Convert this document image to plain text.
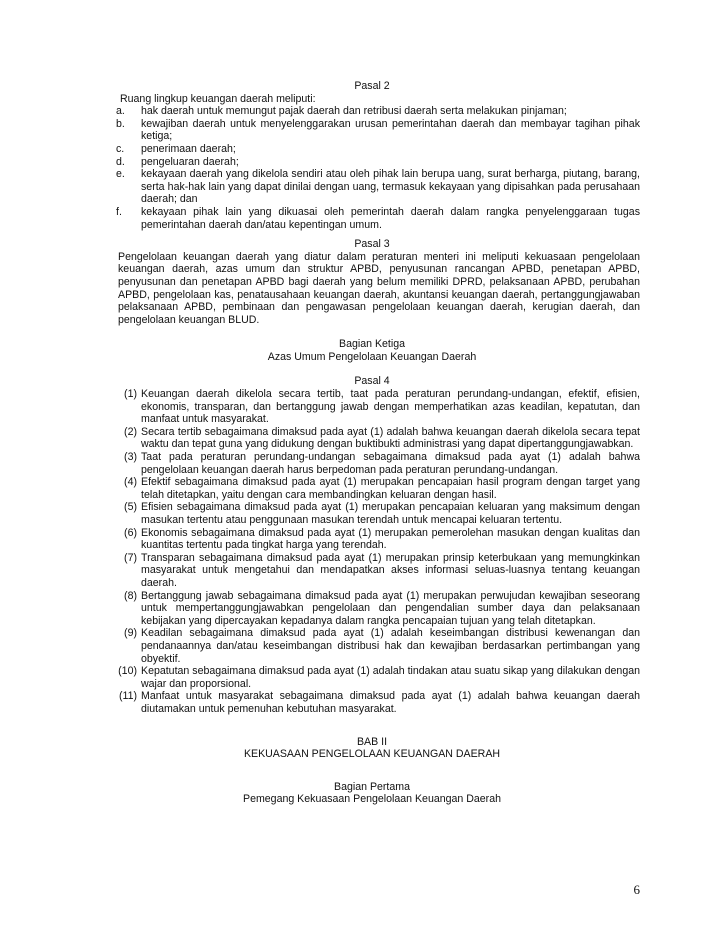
Pasal 2

Ruang lingkup keuangan daerah meliputi:

a. hak daerah untuk memungut pajak daerah dan retribusi daerah serta melakukan pinjaman;
b. kewajiban daerah untuk menyelenggarakan urusan pemerintahan daerah dan membayar tagihan pihak ketiga;
c. penerimaan daerah;
d. pengeluaran daerah;
e. kekayaan daerah yang dikelola sendiri atau oleh pihak lain berupa uang, surat berharga, piutang, barang, serta hak-hak lain yang dapat dinilai dengan uang, termasuk kekayaan yang dipisahkan pada perusahaan daerah; dan
f. kekayaan pihak lain yang dikuasai oleh pemerintah daerah dalam rangka penyelenggaraan tugas pemerintahan daerah dan/atau kepentingan umum.

Pasal 3

Pengelolaan keuangan daerah yang diatur dalam peraturan menteri ini meliputi kekuasaan pengelolaan keuangan daerah, azas umum dan struktur APBD, penyusunan rancangan APBD, penetapan APBD, penyusunan dan penetapan APBD bagi daerah yang belum memiliki DPRD, pelaksanaan APBD, perubahan APBD, pengelolaan kas, penatausahaan keuangan daerah, akuntansi keuangan daerah, pertanggungjawaban pelaksanaan APBD, pembinaan dan pengawasan pengelolaan keuangan daerah, kerugian daerah, dan pengelolaan keuangan BLUD.

Bagian Ketiga

Azas Umum Pengelolaan Keuangan Daerah

Pasal 4

(1) Keuangan daerah dikelola secara tertib, taat pada peraturan perundang-undangan, efektif, efisien, ekonomis, transparan, dan bertanggung jawab dengan memperhatikan azas keadilan, kepatutan, dan manfaat untuk masyarakat.
(2) Secara tertib sebagaimana dimaksud pada ayat (1) adalah bahwa keuangan daerah dikelola secara tepat waktu dan tepat guna yang didukung dengan buktibukti administrasi yang dapat dipertanggungjawabkan.
(3) Taat pada peraturan perundang-undangan sebagaimana dimaksud pada ayat (1) adalah bahwa pengelolaan keuangan daerah harus berpedoman pada peraturan perundang-undangan.
(4) Efektif sebagaimana dimaksud pada ayat (1) merupakan pencapaian hasil program dengan target yang telah ditetapkan, yaitu dengan cara membandingkan keluaran dengan hasil.
(5) Efisien sebagaimana dimaksud pada ayat (1) merupakan pencapaian keluaran yang maksimum dengan masukan tertentu atau penggunaan masukan terendah untuk mencapai keluaran tertentu.
(6) Ekonomis sebagaimana dimaksud pada ayat (1) merupakan pemerolehan masukan dengan kualitas dan kuantitas tertentu pada tingkat harga yang terendah.
(7) Transparan sebagaimana dimaksud pada ayat (1) merupakan prinsip keterbukaan yang memungkinkan masyarakat untuk mengetahui dan mendapatkan akses informasi seluas-luasnya tentang keuangan daerah.
(8) Bertanggung jawab sebagaimana dimaksud pada ayat (1) merupakan perwujudan kewajiban seseorang untuk mempertanggungjawabkan pengelolaan dan pengendalian sumber daya dan pelaksanaan kebijakan yang dipercayakan kepadanya dalam rangka pencapaian tujuan yang telah ditetapkan.
(9) Keadilan sebagaimana dimaksud pada ayat (1) adalah keseimbangan distribusi kewenangan dan pendanaannya dan/atau keseimbangan distribusi hak dan kewajiban berdasarkan pertimbangan yang obyektif.
(10) Kepatutan sebagaimana dimaksud pada ayat (1) adalah tindakan atau suatu sikap yang dilakukan dengan wajar dan proporsional.
(11) Manfaat untuk masyarakat sebagaimana dimaksud pada ayat (1) adalah bahwa keuangan daerah diutamakan untuk pemenuhan kebutuhan masyarakat.

BAB II

KEKUASAAN PENGELOLAAN KEUANGAN DAERAH

Bagian Pertama

Pemegang Kekuasaan Pengelolaan Keuangan Daerah

6
